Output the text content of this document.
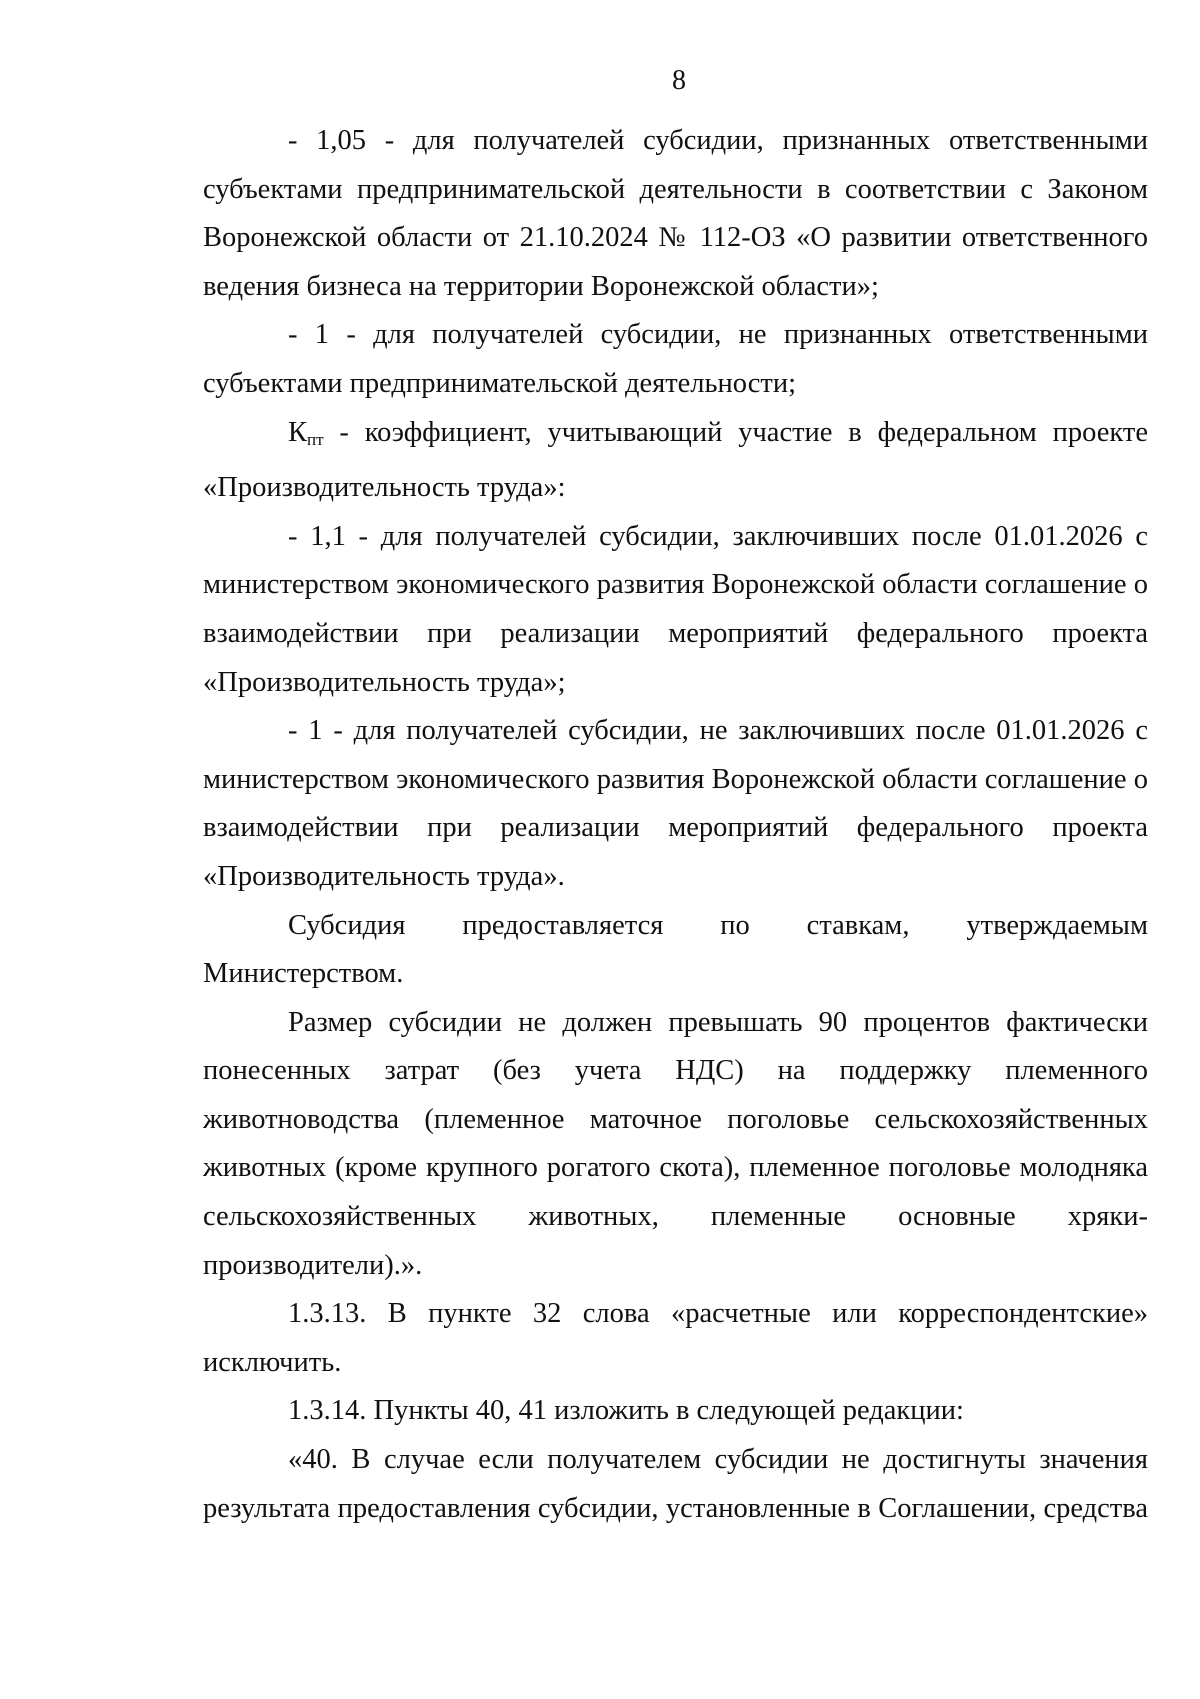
8

- 1,05 - для получателей субсидии, признанных ответственными субъектами предпринимательской деятельности в соответствии с Законом Воронежской области от 21.10.2024 № 112-ОЗ «О развитии ответственного ведения бизнеса на территории Воронежской области»;

- 1 - для получателей субсидии, не признанных ответственными субъектами предпринимательской деятельности;

Кпт - коэффициент, учитывающий участие в федеральном проекте «Производительность труда»:

- 1,1 - для получателей субсидии, заключивших после 01.01.2026 с министерством экономического развития Воронежской области соглашение о взаимодействии при реализации мероприятий федерального проекта «Производительность труда»;

- 1 - для получателей субсидии, не заключивших после 01.01.2026 с министерством экономического развития Воронежской области соглашение о взаимодействии при реализации мероприятий федерального проекта «Производительность труда».

Субсидия предоставляется по ставкам, утверждаемым Министерством.

Размер субсидии не должен превышать 90 процентов фактически понесенных затрат (без учета НДС) на поддержку племенного животноводства (племенное маточное поголовье сельскохозяйственных животных (кроме крупного рогатого скота), племенное поголовье молодняка сельскохозяйственных животных, племенные основные хряки-производители).».

1.3.13. В пункте 32 слова «расчетные или корреспондентские» исключить.

1.3.14. Пункты 40, 41 изложить в следующей редакции:

«40. В случае если получателем субсидии не достигнуты значения результата предоставления субсидии, установленные в Соглашении, средства
